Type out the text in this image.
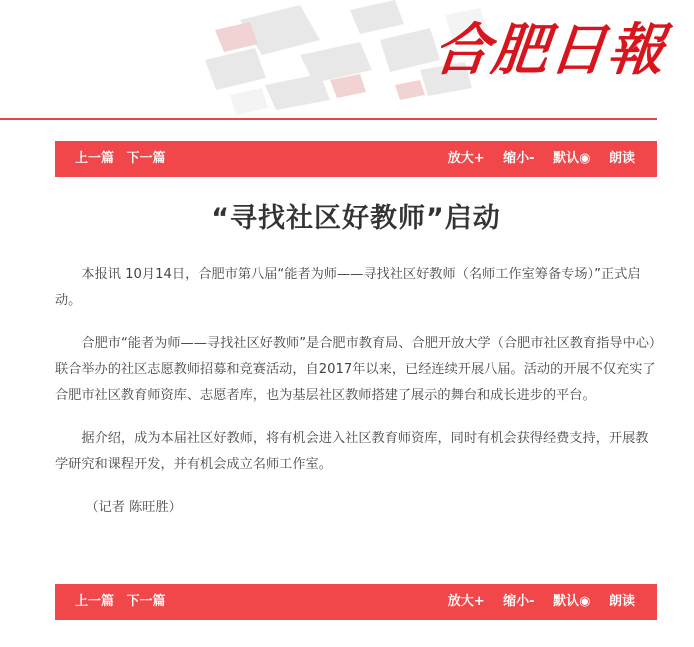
合肥日報
上一篇 下一篇	放大+ 缩小- 默认◉ 朗读
“寻找社区好教师”启动

本报讯 10月14日，合肥市第八届“能者为师——寻找社区好教师（名师工作室筹备专场）”正式启动。

合肥市“能者为师——寻找社区好教师”是合肥市教育局、合肥开放大学（合肥市社区教育指导中心）联合举办的社区志愿教师招募和竞赛活动，自2017年以来，已经连续开展八届。活动的开展不仅充实了合肥市社区教育师资库、志愿者库，也为基层社区教师搭建了展示的舞台和成长进步的平台。

据介绍，成为本届社区好教师，将有机会进入社区教育师资库，同时有机会获得经费支持，开展教学研究和课程开发，并有机会成立名师工作室。

（记者 陈旺胜）

上一篇 下一篇	放大+ 缩小- 默认◉ 朗读
